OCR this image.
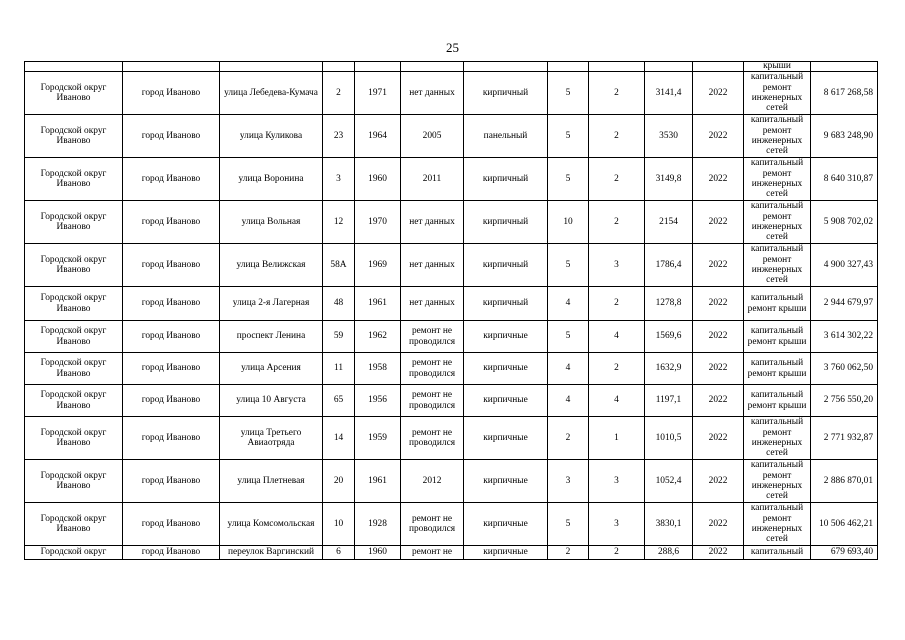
25
											крыши	
Городской округ Иваново	город Иваново	улица Лебедева-Кумача	2	1971	нет данных	кирпичный	5	2	3141,4	2022	капитальный ремонт инженерных сетей	8 617 268,58
Городской округ Иваново	город Иваново	улица Куликова	23	1964	2005	панельный	5	2	3530	2022	капитальный ремонт инженерных сетей	9 683 248,90
Городской округ Иваново	город Иваново	улица Воронина	3	1960	2011	кирпичный	5	2	3149,8	2022	капитальный ремонт инженерных сетей	8 640 310,87
Городской округ Иваново	город Иваново	улица Вольная	12	1970	нет данных	кирпичный	10	2	2154	2022	капитальный ремонт инженерных сетей	5 908 702,02
Городской округ Иваново	город Иваново	улица Велижская	58А	1969	нет данных	кирпичный	5	3	1786,4	2022	капитальный ремонт инженерных сетей	4 900 327,43
Городской округ Иваново	город Иваново	улица 2-я Лагерная	48	1961	нет данных	кирпичный	4	2	1278,8	2022	капитальный ремонт крыши	2 944 679,97
Городской округ Иваново	город Иваново	проспект Ленина	59	1962	ремонт не проводился	кирпичные	5	4	1569,6	2022	капитальный ремонт крыши	3 614 302,22
Городской округ Иваново	город Иваново	улица Арсения	11	1958	ремонт не проводился	кирпичные	4	2	1632,9	2022	капитальный ремонт крыши	3 760 062,50
Городской округ Иваново	город Иваново	улица 10 Августа	65	1956	ремонт не проводился	кирпичные	4	4	1197,1	2022	капитальный ремонт крыши	2 756 550,20
Городской округ Иваново	город Иваново	улица Третьего Авиаотряда	14	1959	ремонт не проводился	кирпичные	2	1	1010,5	2022	капитальный ремонт инженерных сетей	2 771 932,87
Городской округ Иваново	город Иваново	улица Плетневая	20	1961	2012	кирпичные	3	3	1052,4	2022	капитальный ремонт инженерных сетей	2 886 870,01
Городской округ Иваново	город Иваново	улица Комсомольская	10	1928	ремонт не проводился	кирпичные	5	3	3830,1	2022	капитальный ремонт инженерных сетей	10 506 462,21
Городской округ	город Иваново	переулок Варгинский	6	1960	ремонт не	кирпичные	2	2	288,6	2022	капитальный	679 693,40
